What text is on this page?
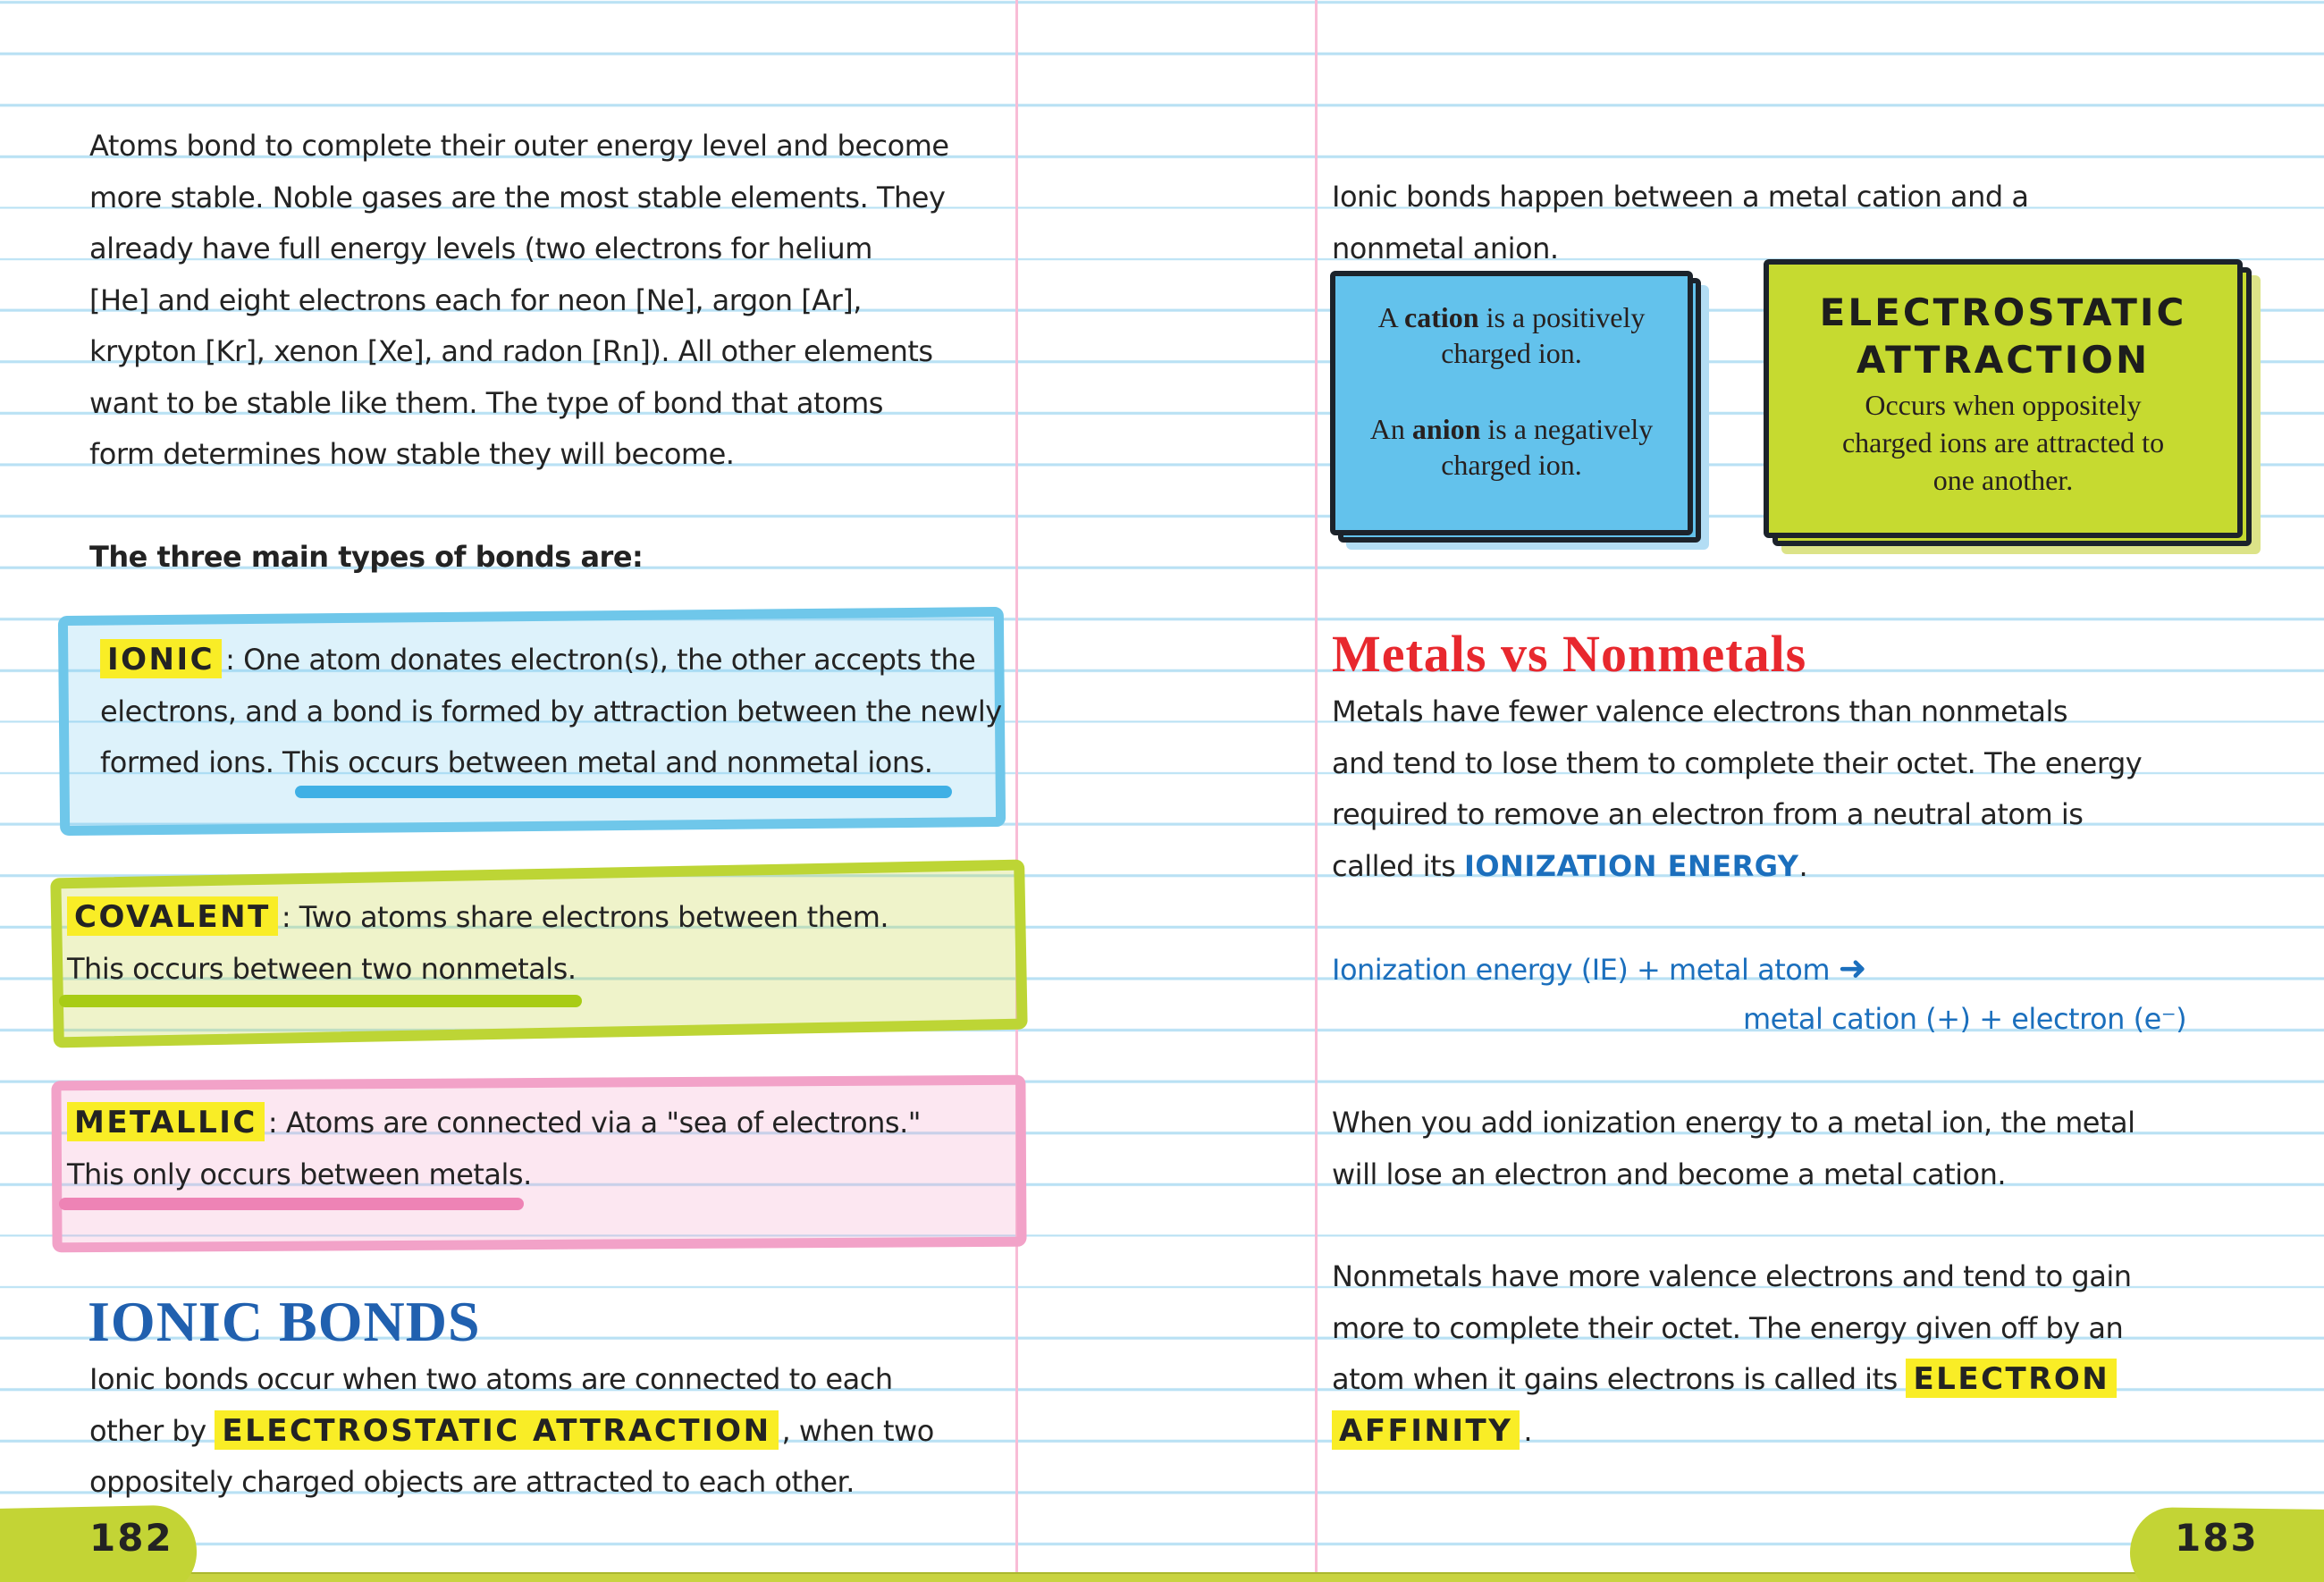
Atoms bond to complete their outer energy level and become
more stable. Noble gases are the most stable elements. They
already have full energy levels (two electrons for helium
[He] and eight electrons each for neon [Ne], argon [Ar],
krypton [Kr], xenon [Xe], and radon [Rn]). All other elements
want to be stable like them. The type of bond that atoms
form determines how stable they will become.
The three main types of bonds are:
IONIC : One atom donates electron(s), the other accepts the
electrons, and a bond is formed by attraction between the newly
formed ions. This occurs between metal and nonmetal ions.
COVALENT : Two atoms share electrons between them.
This occurs between two nonmetals.
METALLIC : Atoms are connected via a "sea of electrons."
This only occurs between metals.
IONIC BONDS
Ionic bonds occur when two atoms are connected to each
other by ELECTROSTATIC ATTRACTION , when two
oppositely charged objects are attracted to each other.
Ionic bonds happen between a metal cation and a
nonmetal anion.
A cation is a positively
charged ion.
An anion is a negatively
charged ion.
ELECTROSTATIC
ATTRACTION
Occurs when oppositely
charged ions are attracted to
one another.
Metals vs Nonmetals
Metals have fewer valence electrons than nonmetals
and tend to lose them to complete their octet. The energy
required to remove an electron from a neutral atom is
called its IONIZATION ENERGY.
Ionization energy (IE) + metal atom ➜
metal cation (+) + electron (e⁻)
When you add ionization energy to a metal ion, the metal
will lose an electron and become a metal cation.
Nonmetals have more valence electrons and tend to gain
more to complete their octet. The energy given off by an
atom when it gains electrons is called its ELECTRON
AFFINITY .
182	183
